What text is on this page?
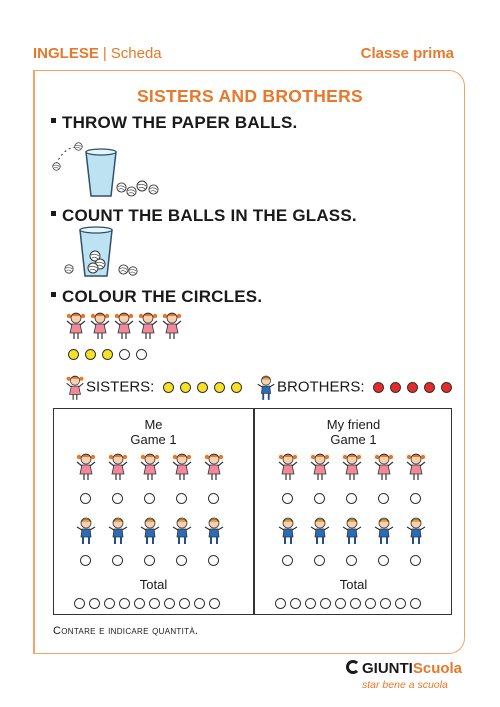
INGLESE | Scheda	Classe prima
SISTERS AND BROTHERS
THROW THE PAPER BALLS.
COUNT THE BALLS IN THE GLASS.
COLOUR THE CIRCLES.
SISTERS:	BROTHERS:
Me
Game 1
Total
My friend
Game 1
Total
Contare e indicare quantità.
GIUNTIScuola
star bene a scuola
